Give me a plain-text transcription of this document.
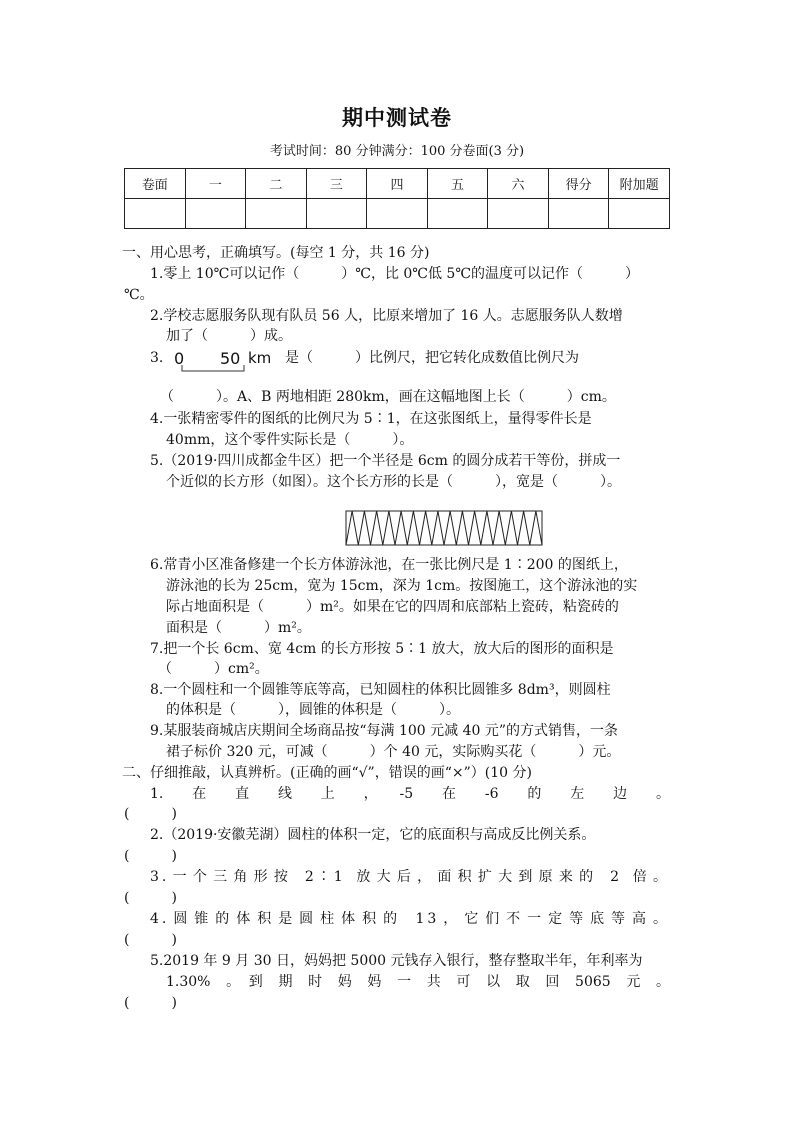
期中测试卷
考试时间：80 分钟满分：100 分卷面(3 分)
卷面	一	二	三	四	五	六	得分	附加题

一、用心思考，正确填写。(每空 1 分，共 16 分)
1.零上 10℃可以记作（　　　）℃，比 0℃低 5℃的温度可以记作（　　　）
℃。
2.学校志愿服务队现有队员 56 人，比原来增加了 16 人。志愿服务队人数增
加了（　　　）成。
3. 0 50 km 是（　　　）比例尺，把它转化成数值比例尺为
（　　　）。A、B 两地相距 280km，画在这幅地图上长（　　　）cm。
4.一张精密零件的图纸的比例尺为 5∶1，在这张图纸上，量得零件长是
40mm，这个零件实际长是（　　　）。
5.（2019·四川成都金牛区）把一个半径是 6cm 的圆分成若干等份，拼成一
个近似的长方形（如图）。这个长方形的长是（　　　），宽是（　　　）。
6.常青小区准备修建一个长方体游泳池，在一张比例尺是 1∶200 的图纸上，
游泳池的长为 25cm，宽为 15cm，深为 1cm。按图施工，这个游泳池的实
际占地面积是（　　　）m²。如果在它的四周和底部粘上瓷砖，粘瓷砖的
面积是（　　　）m²。
7.把一个长 6cm、宽 4cm 的长方形按 5∶1 放大，放大后的图形的面积是
（　　　）cm²。
8.一个圆柱和一个圆锥等底等高，已知圆柱的体积比圆锥多 8dm³，则圆柱
的体积是（　　　），圆锥的体积是（　　　）。
9.某服装商城店庆期间全场商品按“每满 100 元减 40 元”的方式销售，一条
裙子标价 320 元，可减（　　　）个 40 元，实际购买花（　　　）元。
二、仔细推敲，认真辨析。(正确的画“√”，错误的画“×”）(10 分)
1.　在　直　线　上　，　-5　在　-6　的　左　边　。
(　　　)
2.（2019·安徽芜湖）圆柱的体积一定，它的底面积与高成反比例关系。
(　　　)
3.一个三角形按 2∶1 放大后，面积扩大到原来的 2 倍。
(　　　)
4.圆锥的体积是圆柱体积的 13，它们不一定等底等高。
(　　　)
5.2019 年 9 月 30 日，妈妈把 5000 元钱存入银行，整存整取半年，年利率为
1.30%　。　到　期　时　妈　妈　一　共　可　以　取　回　5065　元　。
(　　　)
